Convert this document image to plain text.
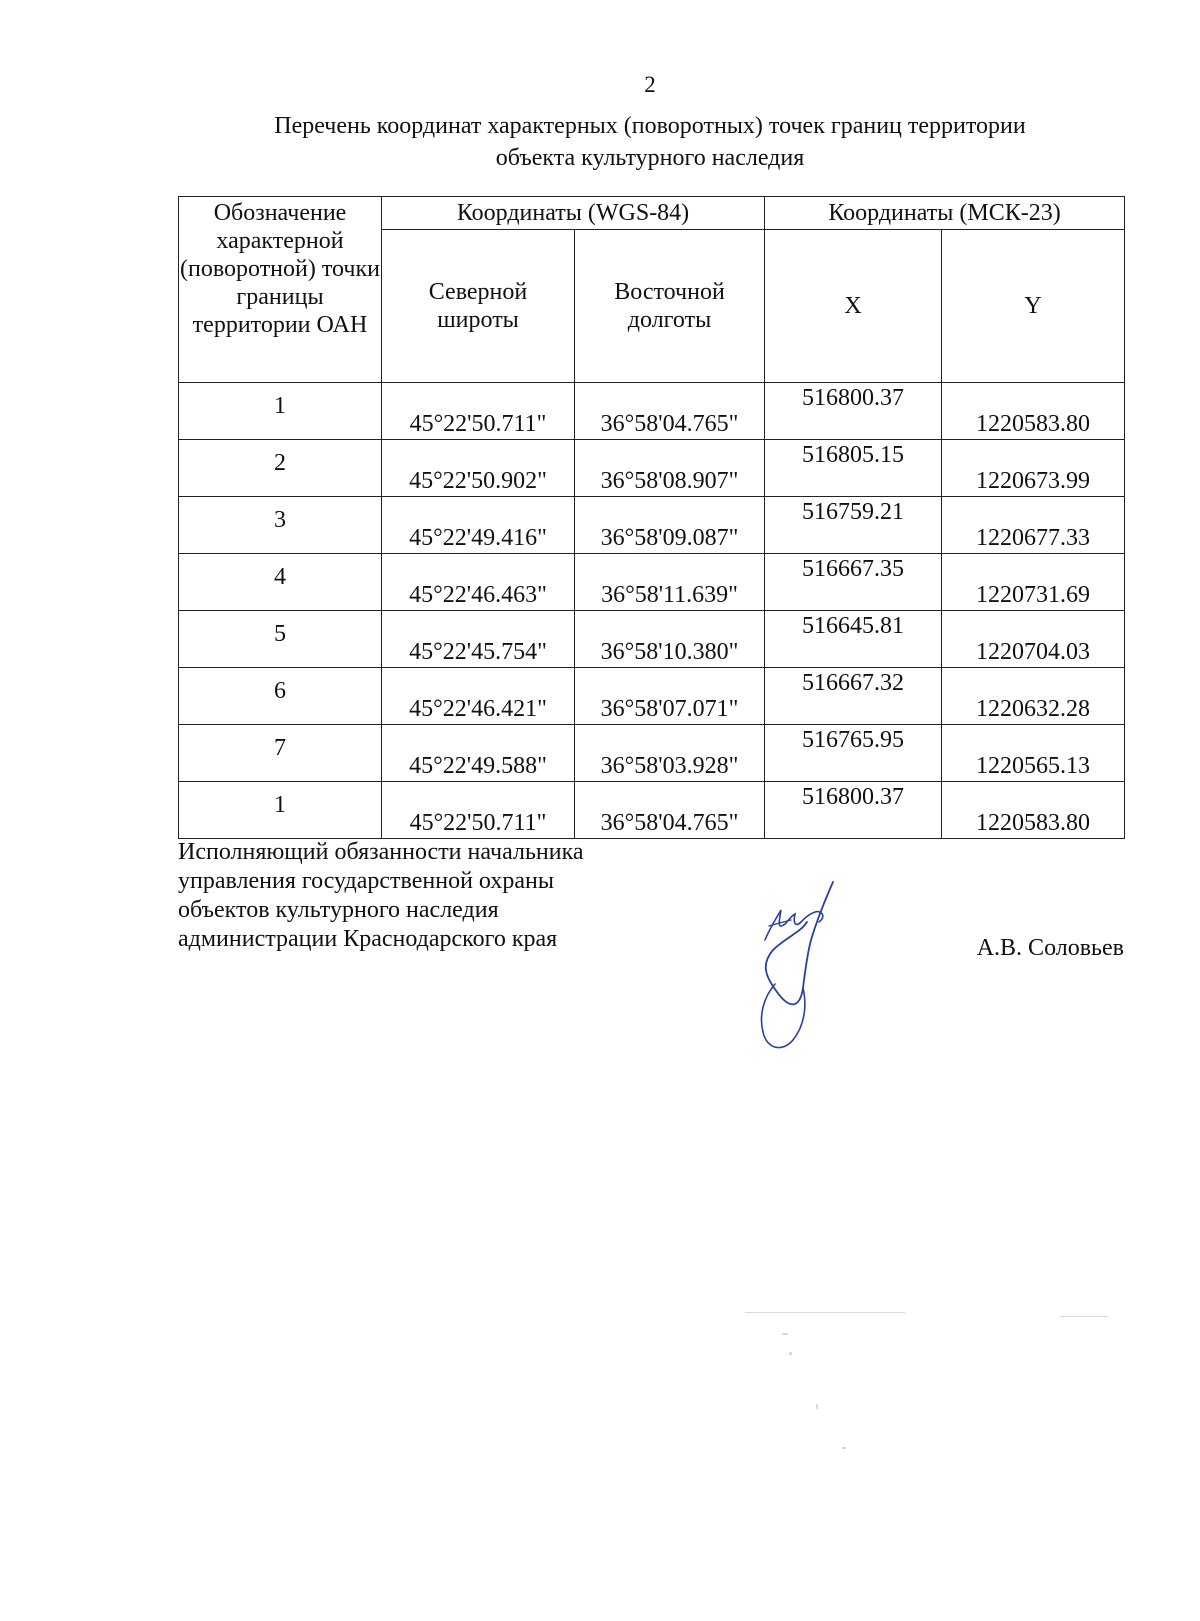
2
Перечень координат характерных (поворотных) точек границ территории
объекта культурного наследия
Обозначение характерной (поворотной) точки границы территории ОАН	Координаты (WGS-84)		Координаты (МСК-23)	
	Северной широты	Восточной долготы	X	Y
1	45°22'50.711"	36°58'04.765"	516800.37	1220583.80
2	45°22'50.902"	36°58'08.907"	516805.15	1220673.99
3	45°22'49.416"	36°58'09.087"	516759.21	1220677.33
4	45°22'46.463"	36°58'11.639"	516667.35	1220731.69
5	45°22'45.754"	36°58'10.380"	516645.81	1220704.03
6	45°22'46.421"	36°58'07.071"	516667.32	1220632.28
7	45°22'49.588"	36°58'03.928"	516765.95	1220565.13
1	45°22'50.711"	36°58'04.765"	516800.37	1220583.80
Исполняющий обязанности начальника
управления государственной охраны
объектов культурного наследия
администрации Краснодарского края	А.В. Соловьев
